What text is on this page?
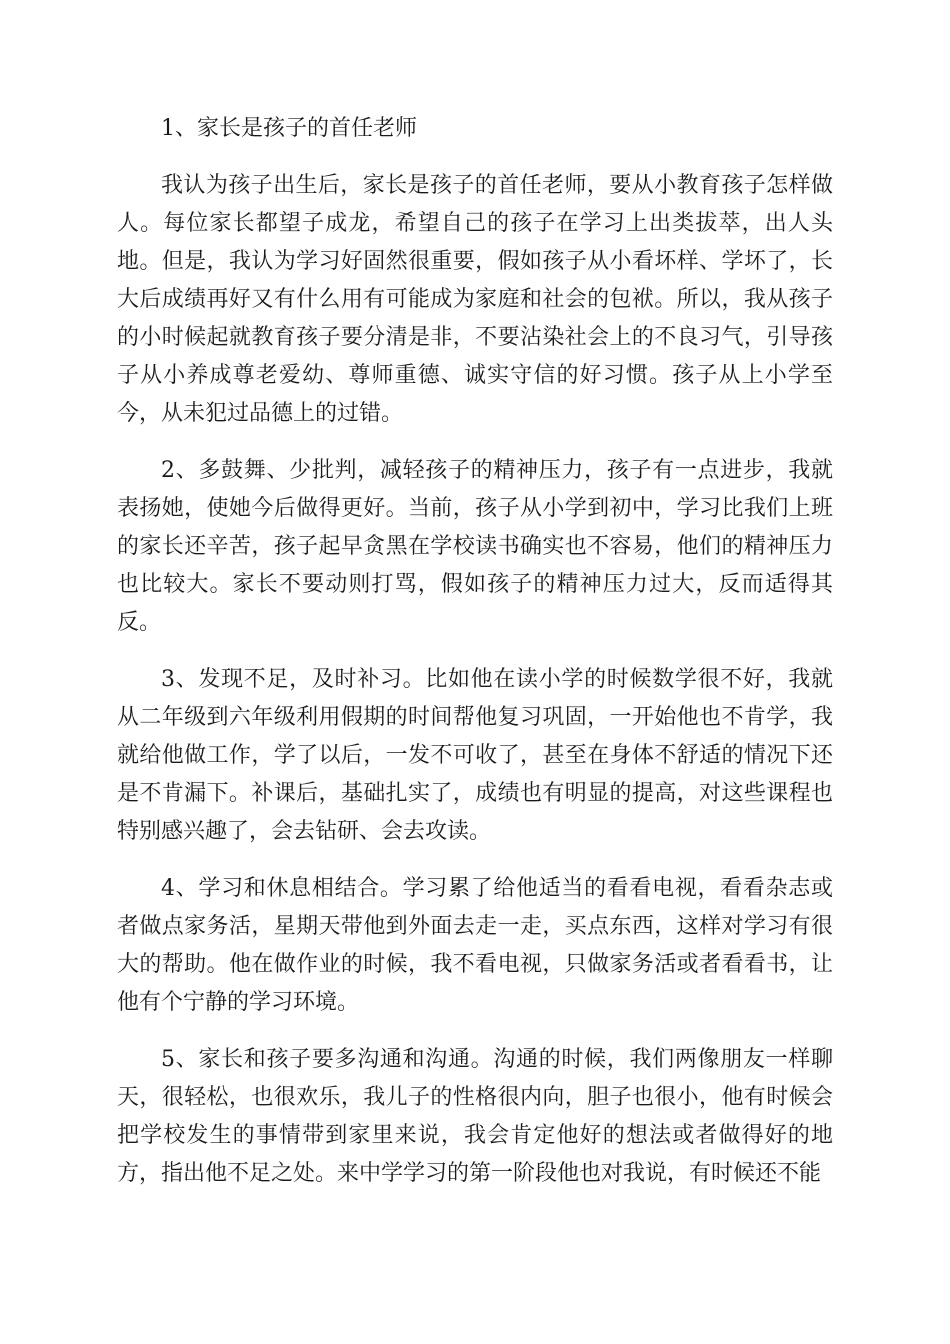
1、家长是孩子的首任老师

我认为孩子出生后，家长是孩子的首任老师，要从小教育孩子怎样做人。每位家长都望子成龙，希望自己的孩子在学习上出类拔萃，出人头地。但是，我认为学习好固然很重要，假如孩子从小看坏样、学坏了，长大后成绩再好又有什么用有可能成为家庭和社会的包袱。所以，我从孩子的小时候起就教育孩子要分清是非，不要沾染社会上的不良习气，引导孩子从小养成尊老爱幼、尊师重德、诚实守信的好习惯。孩子从上小学至今，从未犯过品德上的过错。

2、多鼓舞、少批判，减轻孩子的精神压力，孩子有一点进步，我就表扬她，使她今后做得更好。当前，孩子从小学到初中，学习比我们上班的家长还辛苦，孩子起早贪黑在学校读书确实也不容易，他们的精神压力也比较大。家长不要动则打骂，假如孩子的精神压力过大，反而适得其反。

3、发现不足，及时补习。比如他在读小学的时候数学很不好，我就从二年级到六年级利用假期的时间帮他复习巩固，一开始他也不肯学，我就给他做工作，学了以后，一发不可收了，甚至在身体不舒适的情况下还是不肯漏下。补课后，基础扎实了，成绩也有明显的提高，对这些课程也特别感兴趣了，会去钻研、会去攻读。

4、学习和休息相结合。学习累了给他适当的看看电视，看看杂志或者做点家务活，星期天带他到外面去走一走，买点东西，这样对学习有很大的帮助。他在做作业的时候，我不看电视，只做家务活或者看看书，让他有个宁静的学习环境。

5、家长和孩子要多沟通和沟通。沟通的时候，我们两像朋友一样聊天，很轻松，也很欢乐，我儿子的性格很内向，胆子也很小，他有时候会把学校发生的事情带到家里来说，我会肯定他好的想法或者做得好的地方，指出他不足之处。来中学学习的第一阶段他也对我说，有时候还不能
